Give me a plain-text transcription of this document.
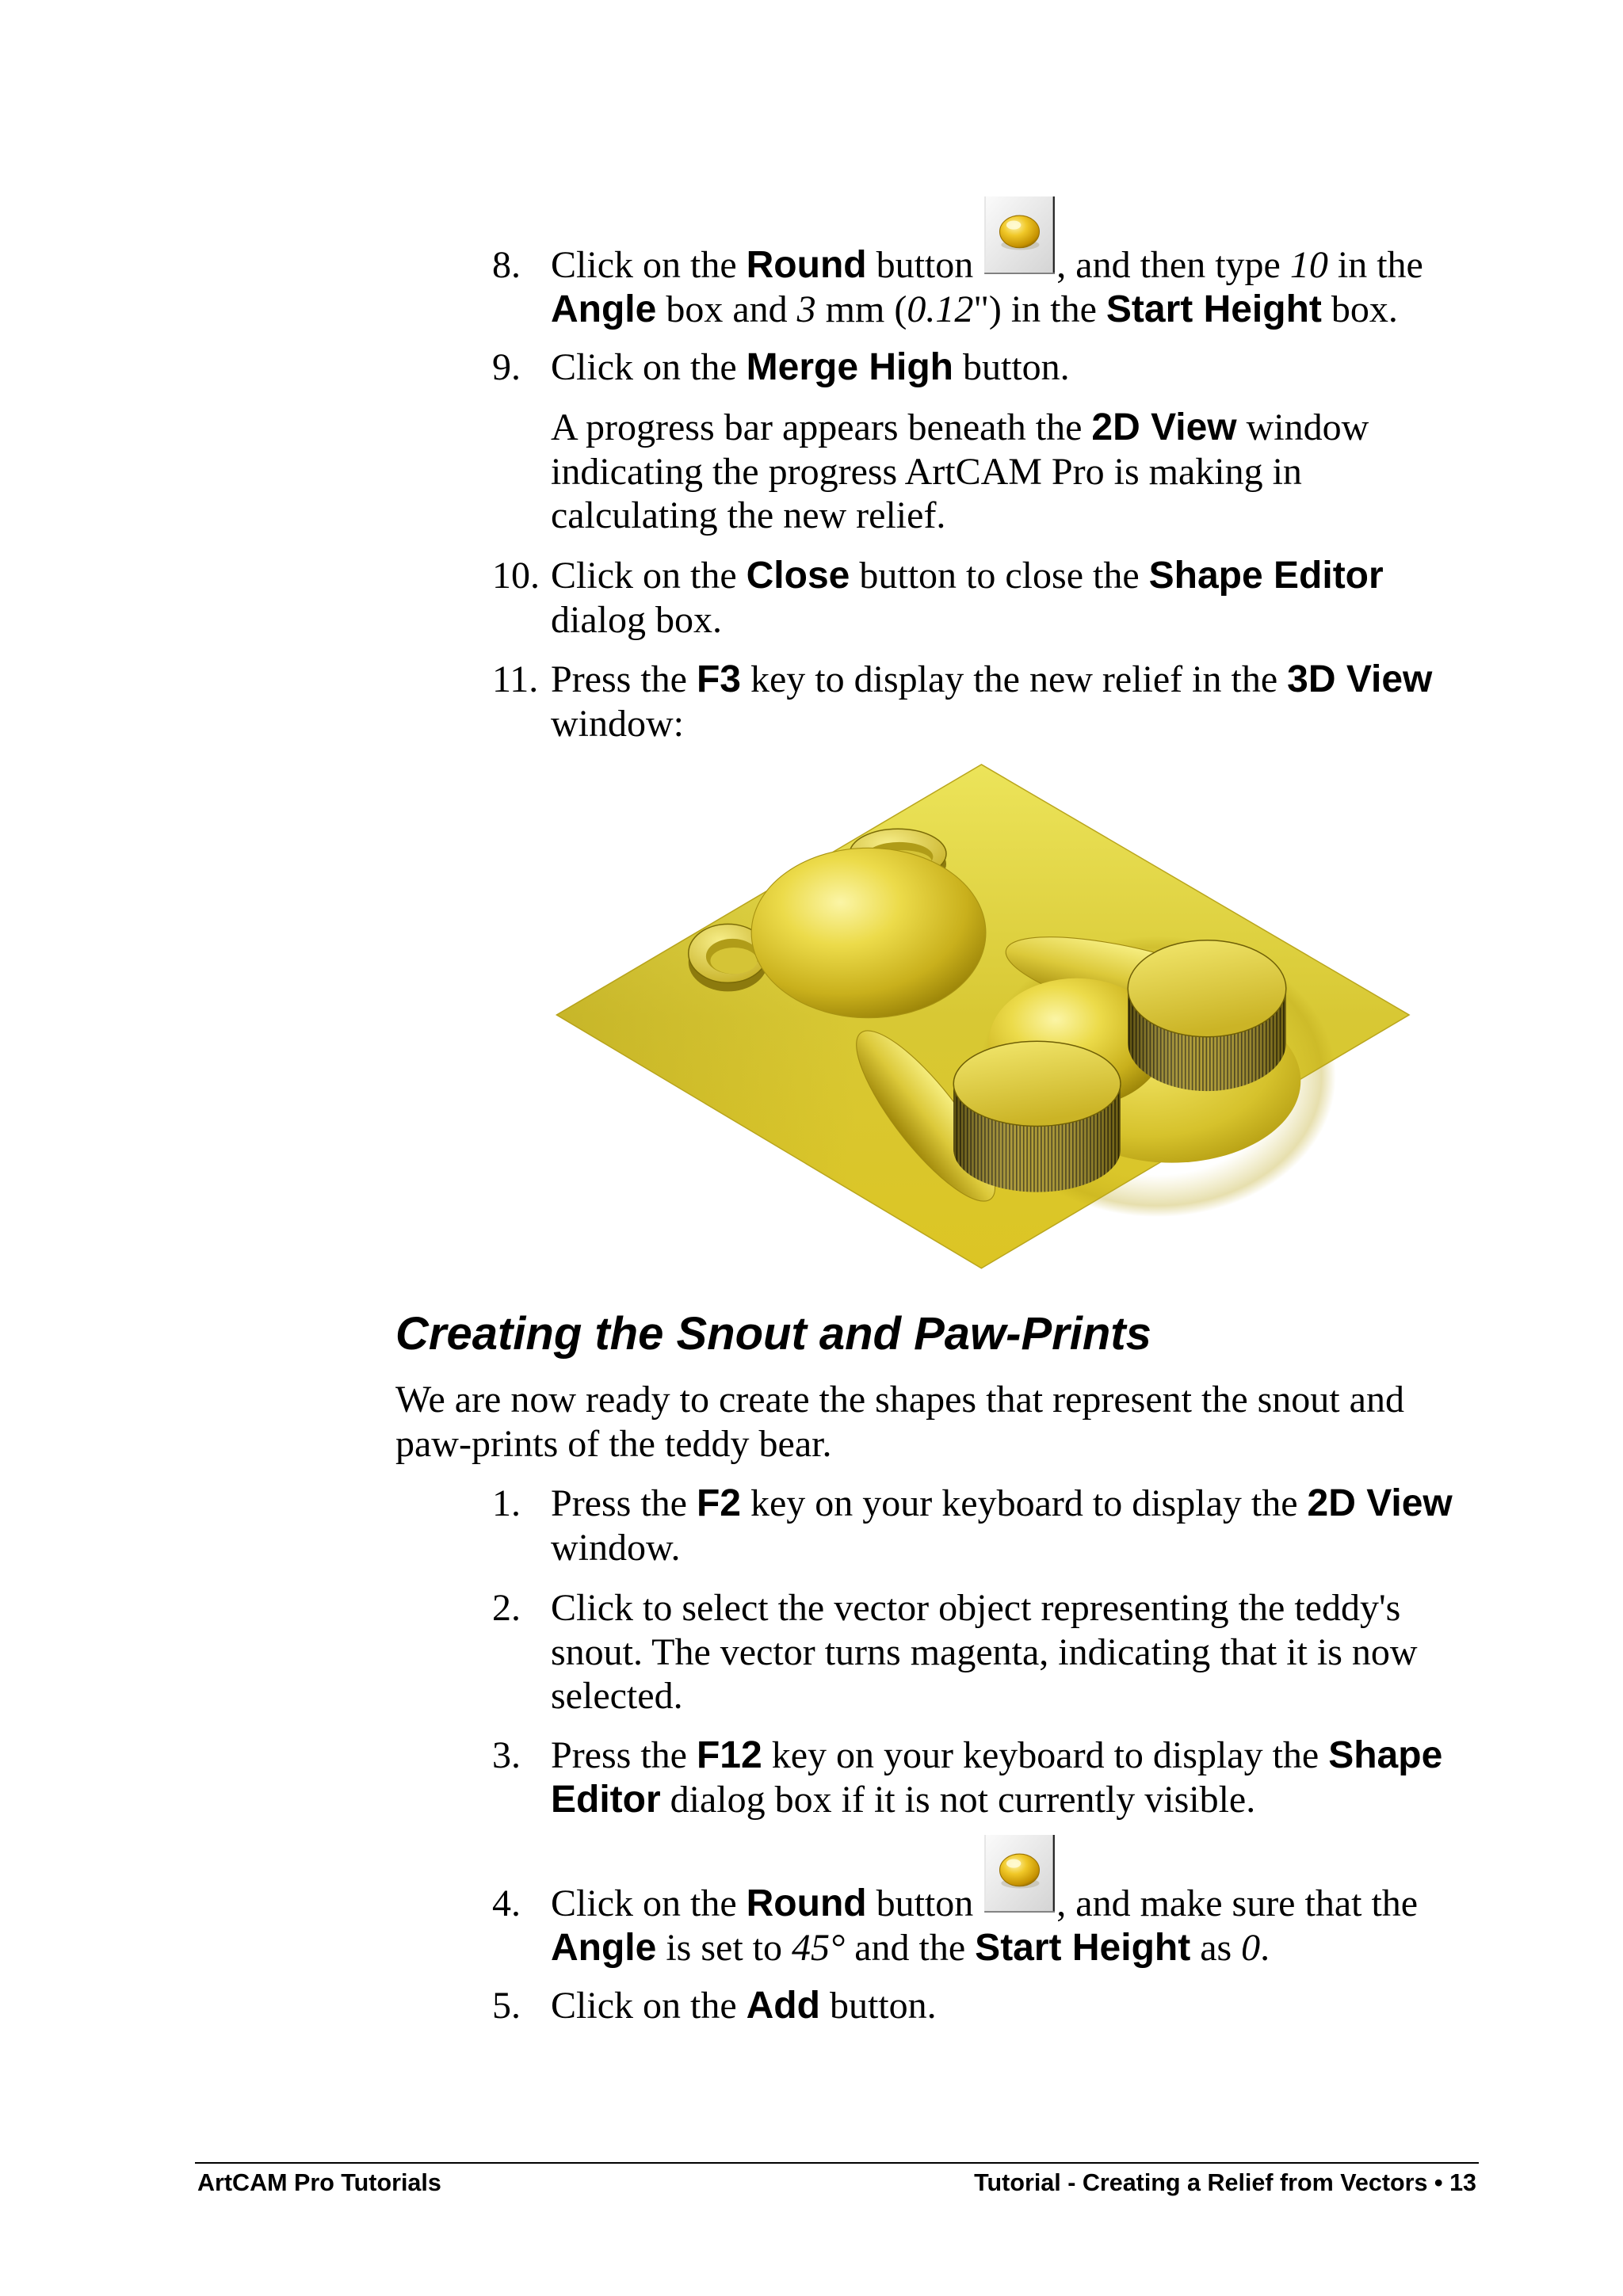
8. Click on the Round button
, and then type 10 in the
Angle box and 3 mm (0.12") in the Start Height box.
9. Click on the Merge High button.
A progress bar appears beneath the 2D View window
indicating the progress ArtCAM Pro is making in
calculating the new relief.
10. Click on the Close button to close the Shape Editor
dialog box.
11. Press the F3 key to display the new relief in the 3D View
window:
Creating the Snout and Paw-Prints
We are now ready to create the shapes that represent the snout and
paw-prints of the teddy bear.
1. Press the F2 key on your keyboard to display the 2D View
window.
2. Click to select the vector object representing the teddy's
snout. The vector turns magenta, indicating that it is now
selected.
3. Press the F12 key on your keyboard to display the Shape
Editor dialog box if it is not currently visible.
4. Click on the Round button
, and make sure that the
Angle is set to 45° and the Start Height as 0.
5. Click on the Add button.
ArtCAM Pro Tutorials	Tutorial - Creating a Relief from Vectors • 13
